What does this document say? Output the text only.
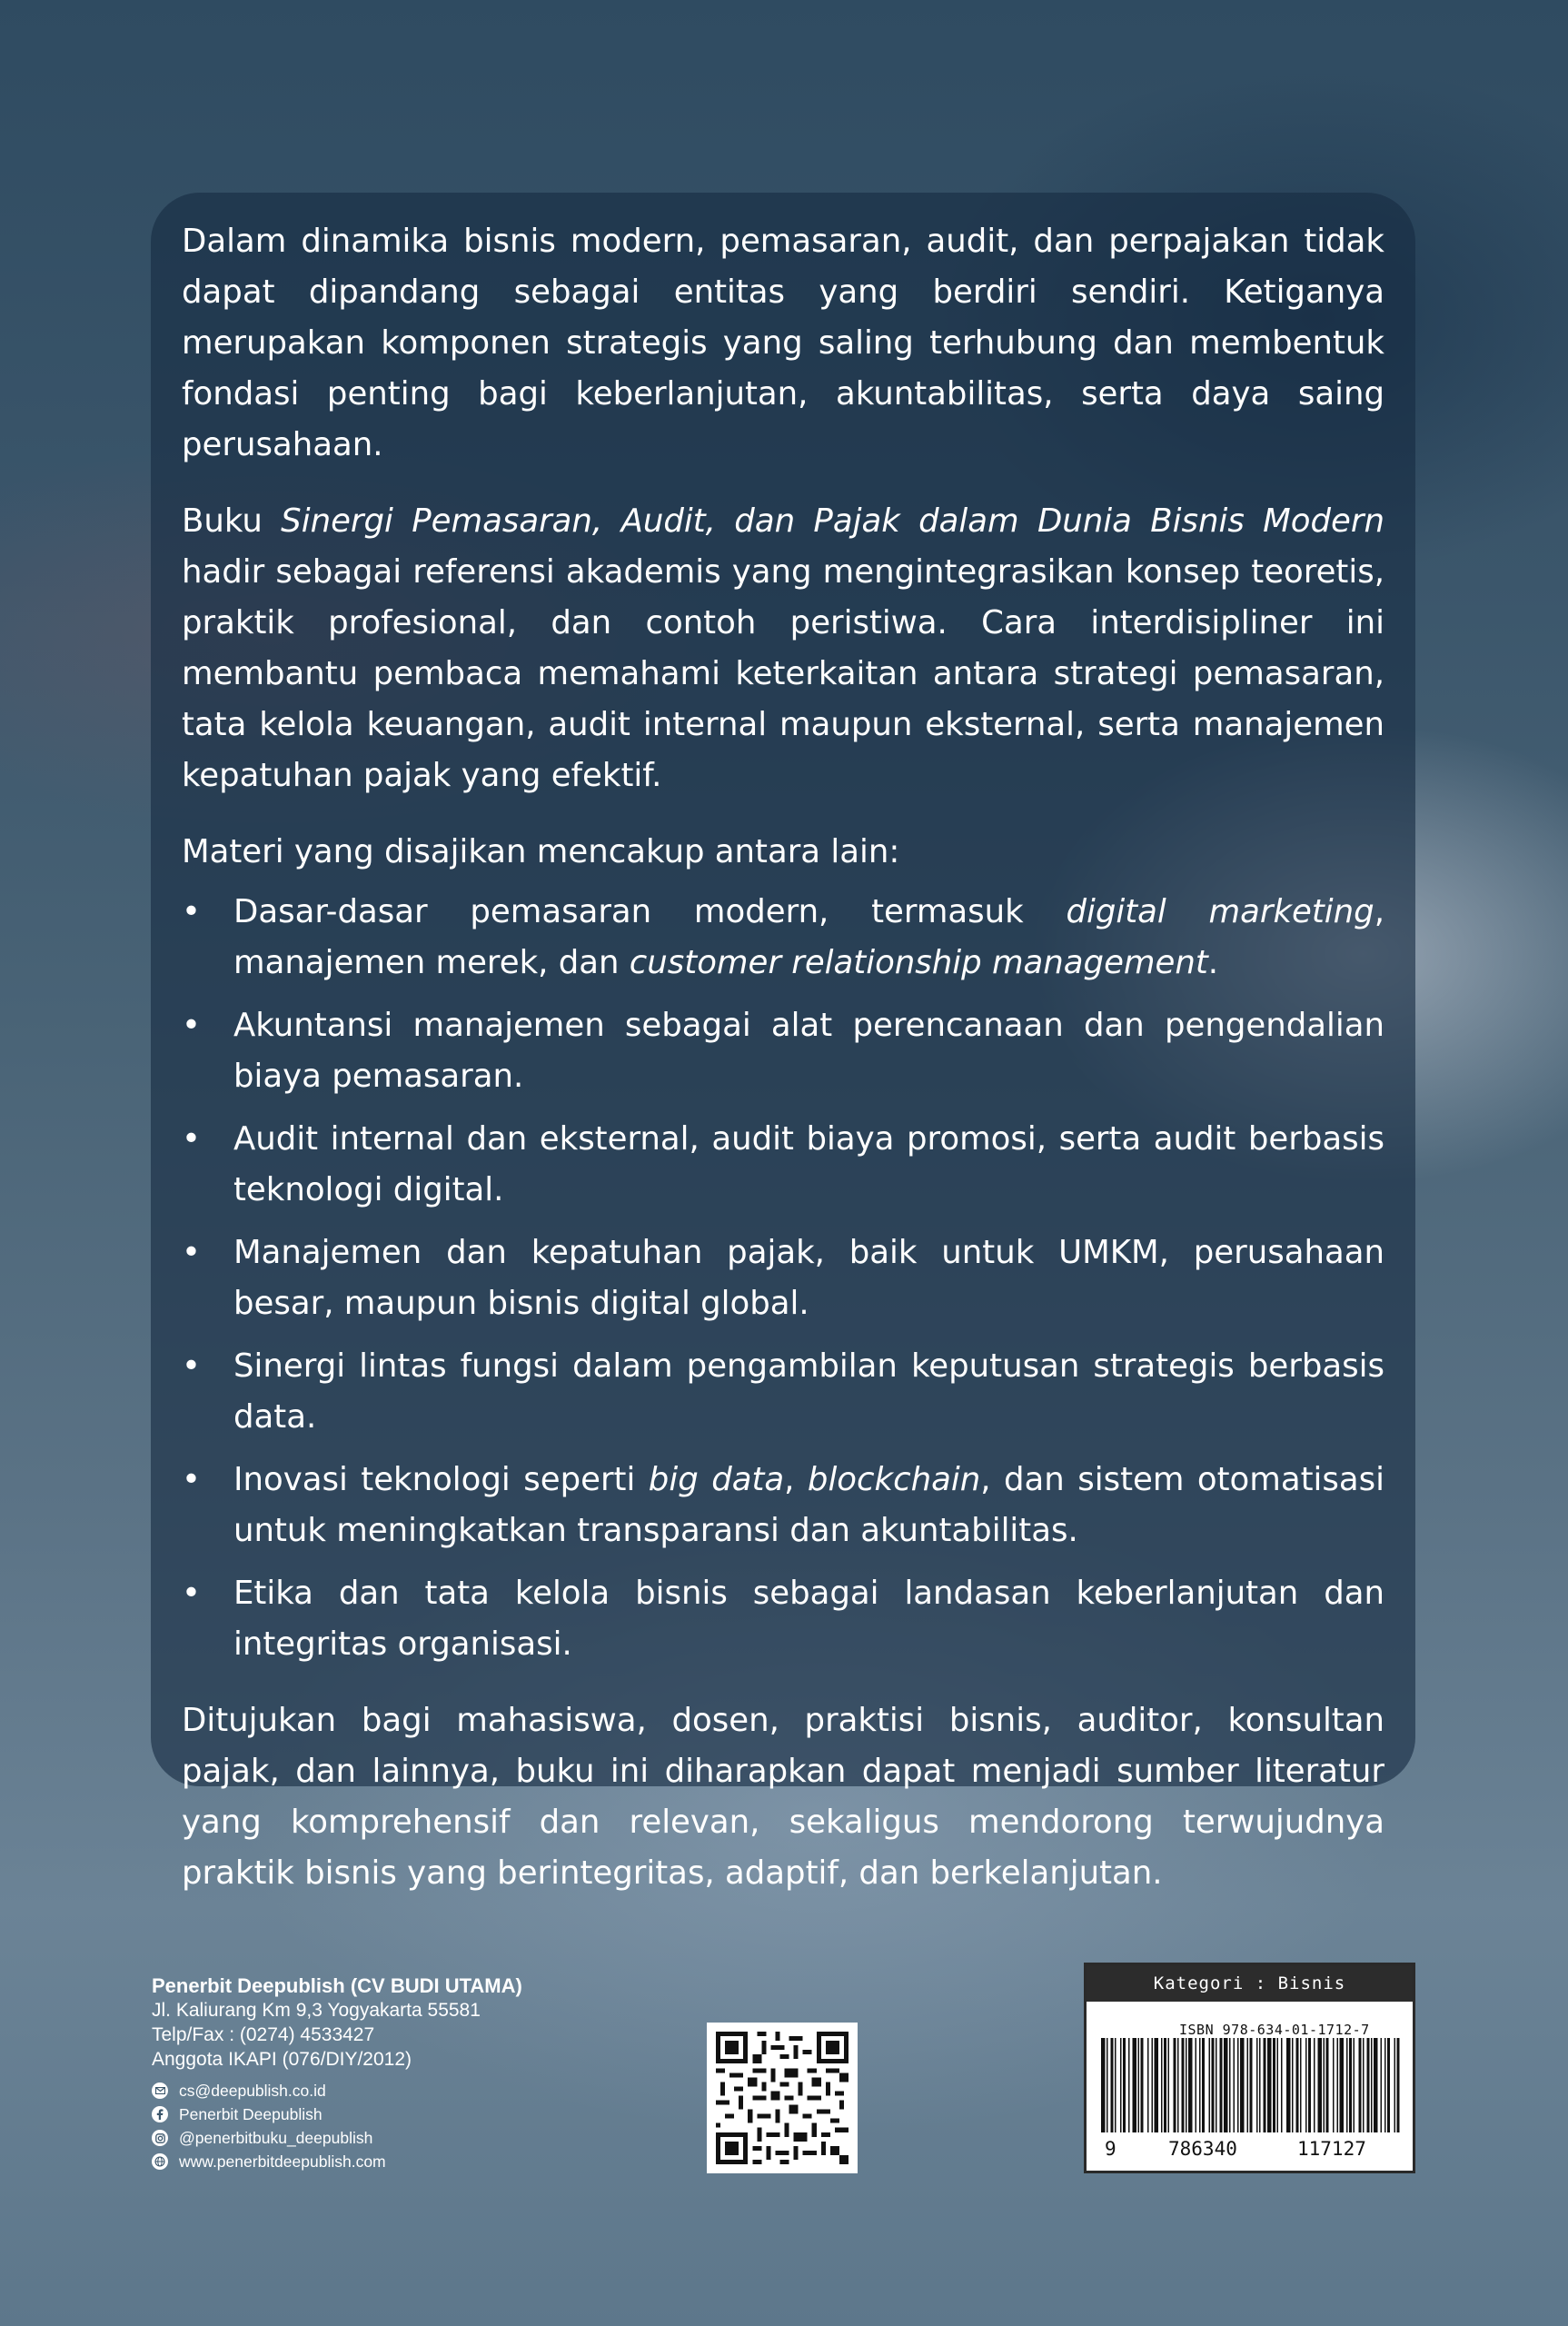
Dalam dinamika bisnis modern, pemasaran, audit, dan perpajakan tidak dapat dipandang sebagai entitas yang berdiri sendiri. Ketiganya merupakan komponen strategis yang saling terhubung dan membentuk fondasi penting bagi keberlanjutan, akuntabilitas, serta daya saing perusahaan.

Buku Sinergi Pemasaran, Audit, dan Pajak dalam Dunia Bisnis Modern hadir sebagai referensi akademis yang mengintegrasikan konsep teoretis, praktik profesional, dan contoh peristiwa. Cara interdisipliner ini membantu pembaca memahami keterkaitan antara strategi pemasaran, tata kelola keuangan, audit internal maupun eksternal, serta manajemen kepatuhan pajak yang efektif.

Materi yang disajikan mencakup antara lain:

• Dasar-dasar pemasaran modern, termasuk digital marketing, manajemen merek, dan customer relationship management.
• Akuntansi manajemen sebagai alat perencanaan dan pengendalian biaya pemasaran.
• Audit internal dan eksternal, audit biaya promosi, serta audit berbasis teknologi digital.
• Manajemen dan kepatuhan pajak, baik untuk UMKM, perusahaan besar, maupun bisnis digital global.
• Sinergi lintas fungsi dalam pengambilan keputusan strategis berbasis data.
• Inovasi teknologi seperti big data, blockchain, dan sistem otomatisasi untuk meningkatkan transparansi dan akuntabilitas.
• Etika dan tata kelola bisnis sebagai landasan keberlanjutan dan integritas organisasi.

Ditujukan bagi mahasiswa, dosen, praktisi bisnis, auditor, konsultan pajak, dan lainnya, buku ini diharapkan dapat menjadi sumber literatur yang komprehensif dan relevan, sekaligus mendorong terwujudnya praktik bisnis yang berintegritas, adaptif, dan berkelanjutan.

Penerbit Deepublish (CV BUDI UTAMA)
Jl. Kaliurang Km 9,3 Yogyakarta 55581
Telp/Fax : (0274) 4533427
Anggota IKAPI (076/DIY/2012)
cs@deepublish.co.id
Penerbit Deepublish
@penerbitbuku_deepublish
www.penerbitdeepublish.com
Kategori : Bisnis
ISBN 978-634-01-1712-7
9	786340	117127
